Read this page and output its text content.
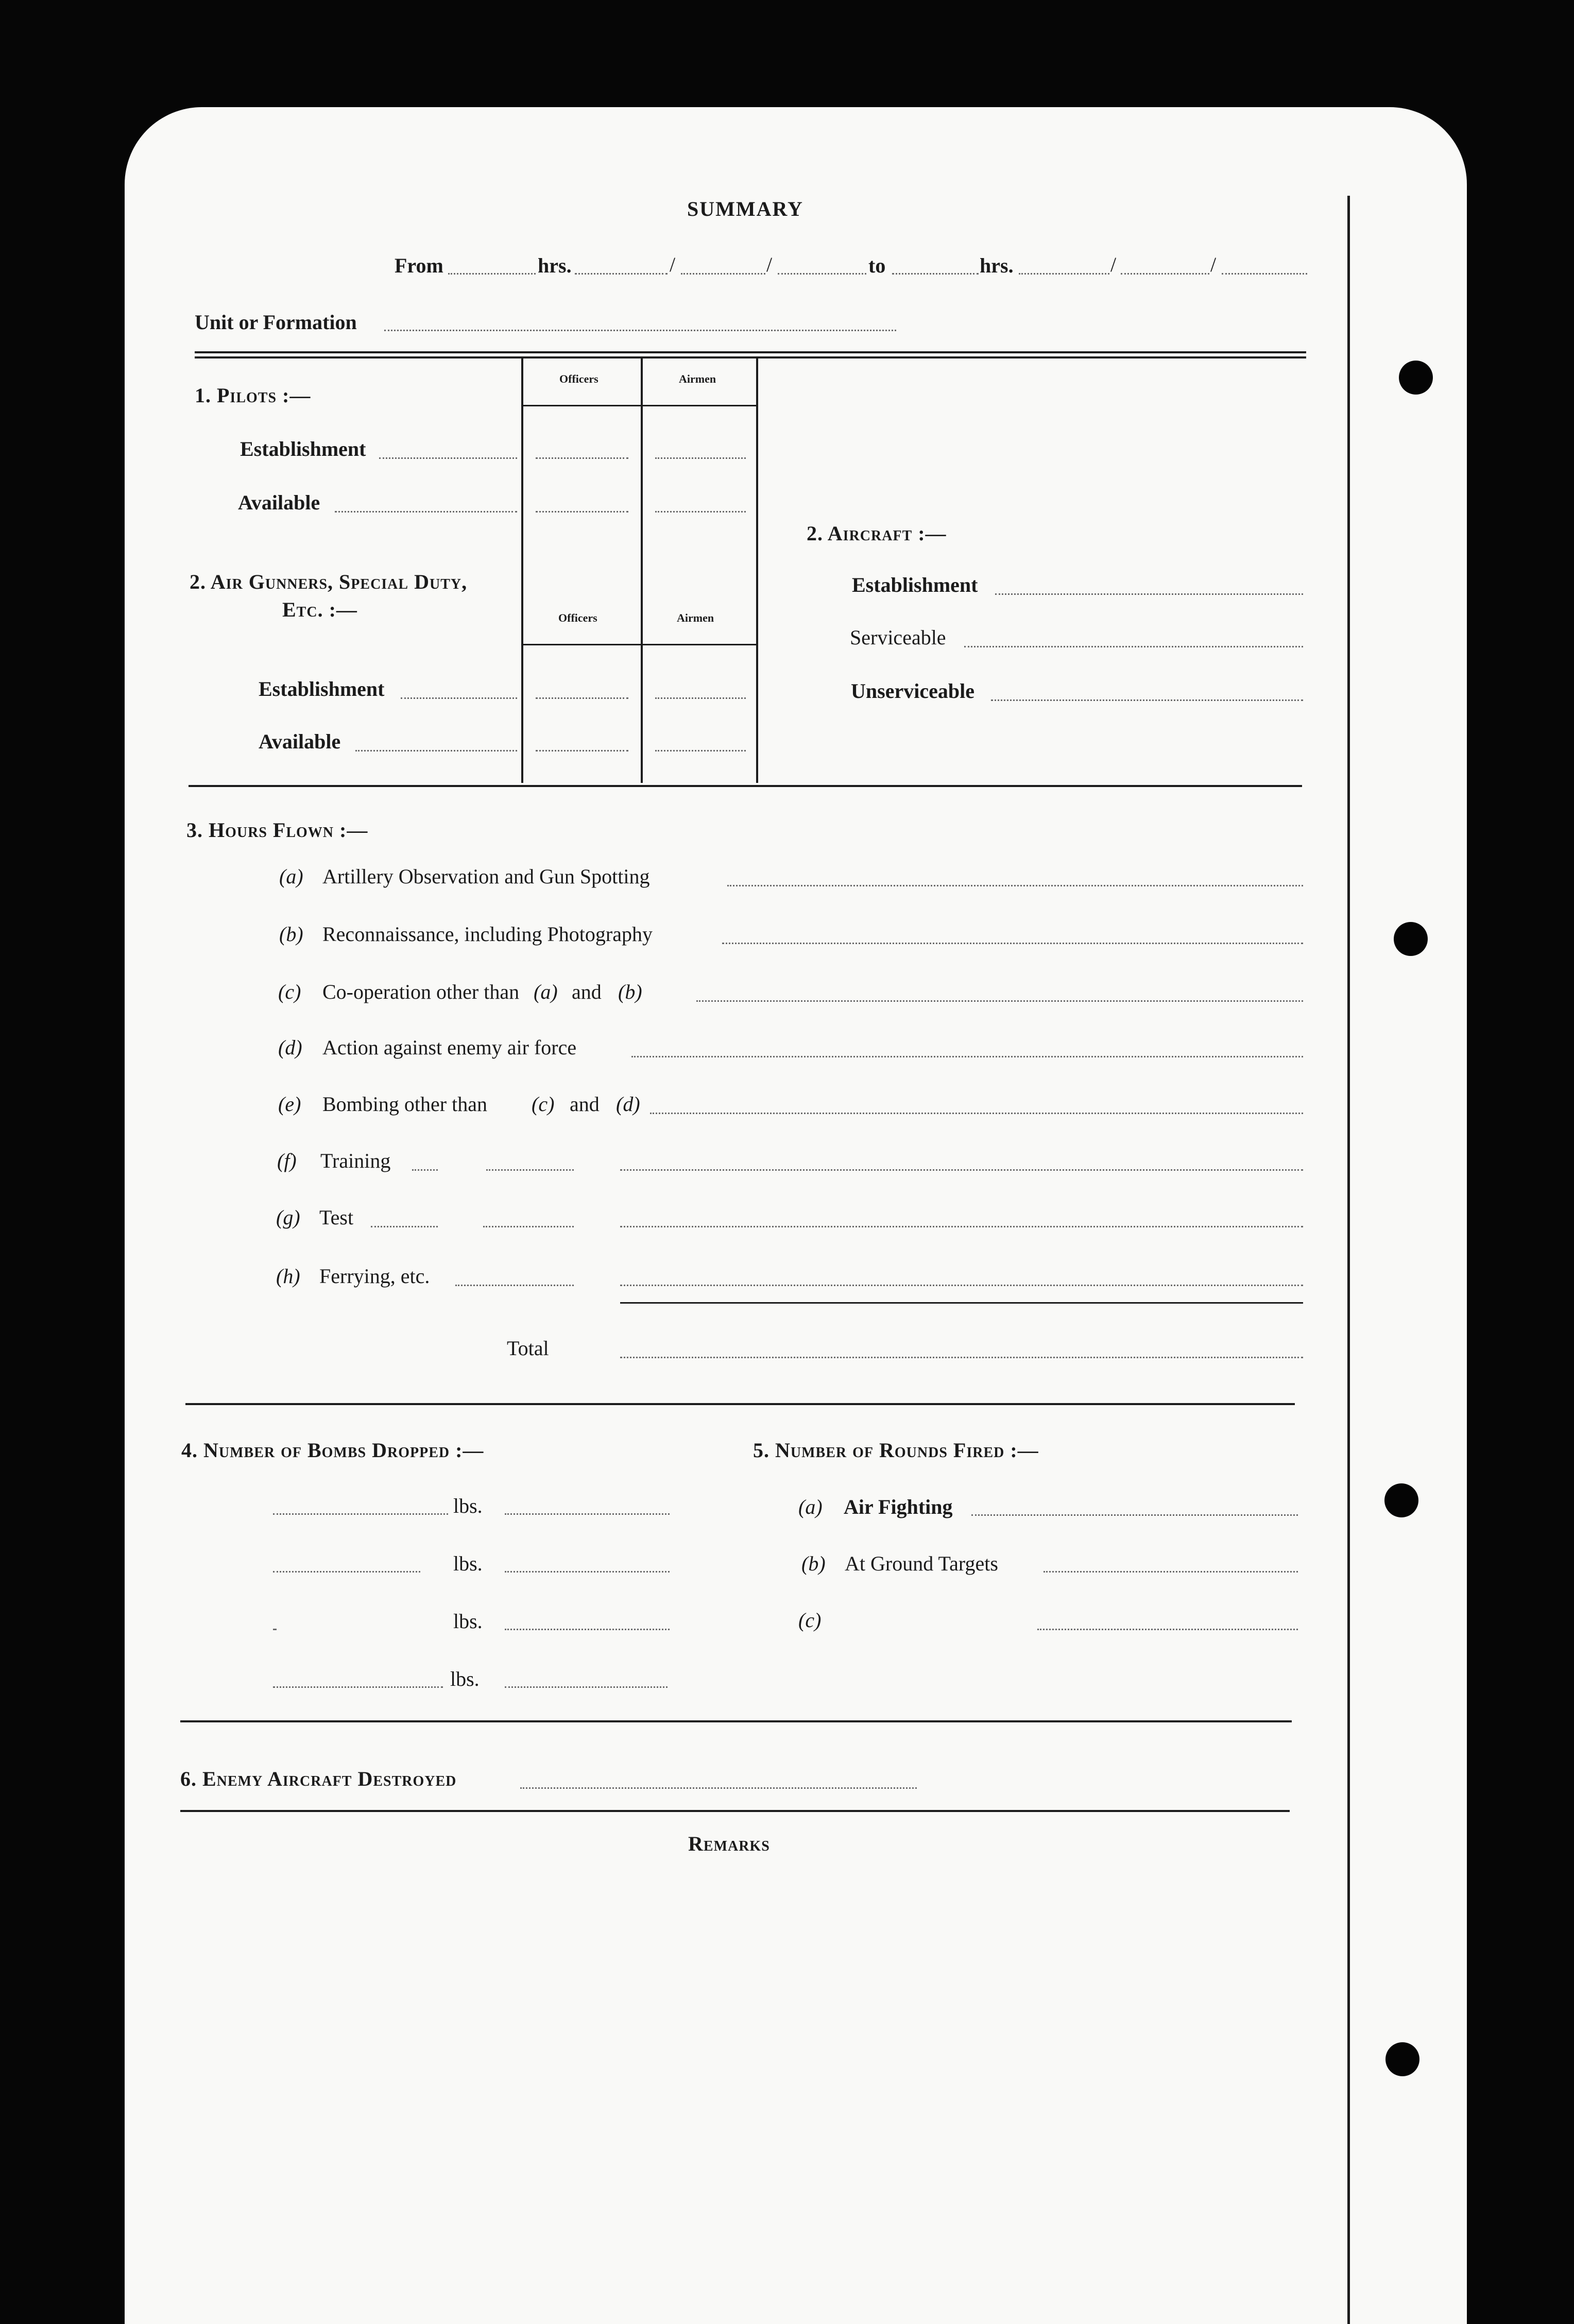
SUMMARY
From	hrs.	/	/	to	hrs.	/	/
Unit or Formation
Officers	Airmen
Officers	Airmen
1. Pilots :—
Establishment
Available
2. Air Gunners, Special Duty,
Etc. :—
Establishment
Available
2. Aircraft :—
Establishment
Serviceable
Unserviceable
3. Hours Flown :—
(a) Artillery Observation and Gun Spotting
(b) Reconnaissance, including Photography
(c) Co-operation other than (a) and (b)
(d) Action against enemy air force
(e) Bombing other than (c) and (d)
(f) Training
(g) Test
(h) Ferrying, etc.
Total
4. Number of Bombs Dropped :—
lbs.
lbs.
lbs.
lbs.
5. Number of Rounds Fired :—
(a) Air Fighting
(b) At Ground Targets
(c)
6. Enemy Aircraft Destroyed
Remarks
